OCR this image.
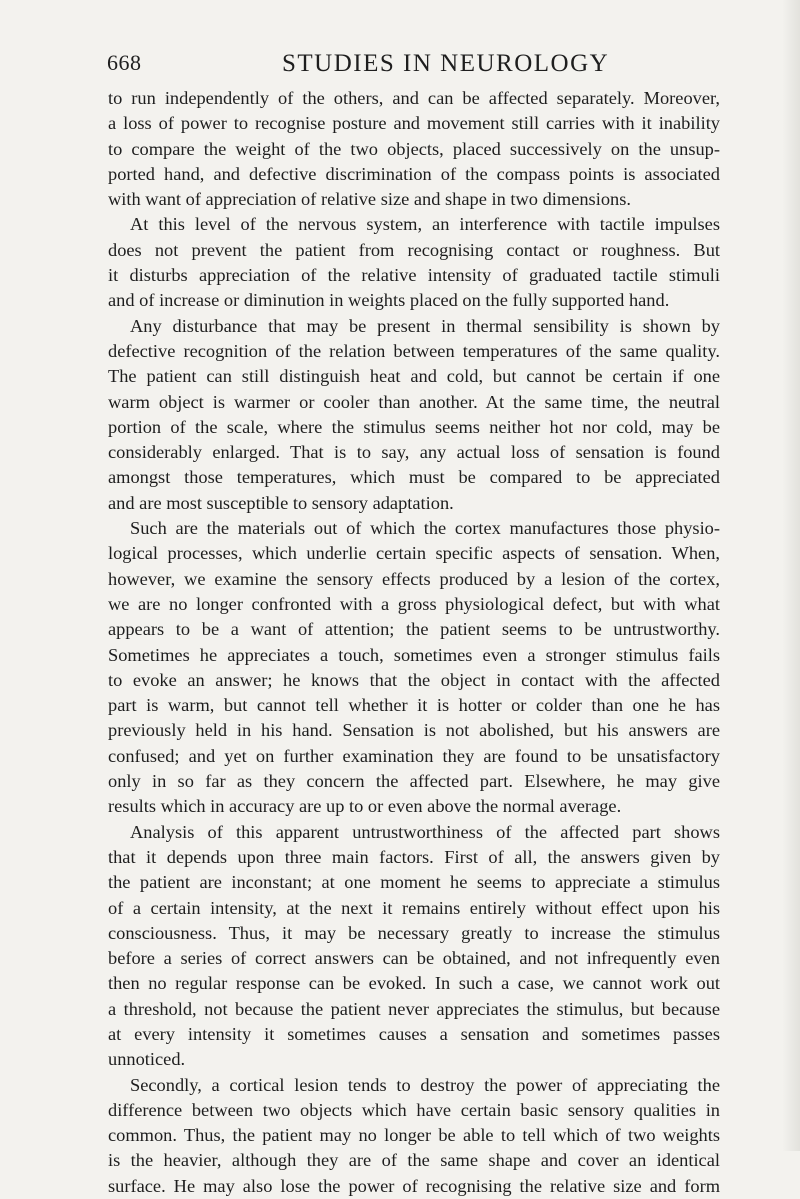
668	STUDIES IN NEUROLOGY
to run independently of the others, and can be affected separately. Moreover,
a loss of power to recognise posture and movement still carries with it inability
to compare the weight of the two objects, placed successively on the unsup-
ported hand, and defective discrimination of the compass points is associated
with want of appreciation of relative size and shape in two dimensions.
At this level of the nervous system, an interference with tactile impulses
does not prevent the patient from recognising contact or roughness. But
it disturbs appreciation of the relative intensity of graduated tactile stimuli
and of increase or diminution in weights placed on the fully supported hand.
Any disturbance that may be present in thermal sensibility is shown by
defective recognition of the relation between temperatures of the same quality.
The patient can still distinguish heat and cold, but cannot be certain if one
warm object is warmer or cooler than another. At the same time, the neutral
portion of the scale, where the stimulus seems neither hot nor cold, may be
considerably enlarged. That is to say, any actual loss of sensation is found
amongst those temperatures, which must be compared to be appreciated
and are most susceptible to sensory adaptation.
Such are the materials out of which the cortex manufactures those physio-
logical processes, which underlie certain specific aspects of sensation. When,
however, we examine the sensory effects produced by a lesion of the cortex,
we are no longer confronted with a gross physiological defect, but with what
appears to be a want of attention; the patient seems to be untrustworthy.
Sometimes he appreciates a touch, sometimes even a stronger stimulus fails
to evoke an answer; he knows that the object in contact with the affected
part is warm, but cannot tell whether it is hotter or colder than one he has
previously held in his hand. Sensation is not abolished, but his answers are
confused; and yet on further examination they are found to be unsatisfactory
only in so far as they concern the affected part. Elsewhere, he may give
results which in accuracy are up to or even above the normal average.
Analysis of this apparent untrustworthiness of the affected part shows
that it depends upon three main factors. First of all, the answers given by
the patient are inconstant; at one moment he seems to appreciate a stimulus
of a certain intensity, at the next it remains entirely without effect upon his
consciousness. Thus, it may be necessary greatly to increase the stimulus
before a series of correct answers can be obtained, and not infrequently even
then no regular response can be evoked. In such a case, we cannot work out
a threshold, not because the patient never appreciates the stimulus, but because
at every intensity it sometimes causes a sensation and sometimes passes
unnoticed.
Secondly, a cortical lesion tends to destroy the power of appreciating the
difference between two objects which have certain basic sensory qualities in
common. Thus, the patient may no longer be able to tell which of two weights
is the heavier, although they are of the same shape and cover an identical
surface. He may also lose the power of recognising the relative size and form
